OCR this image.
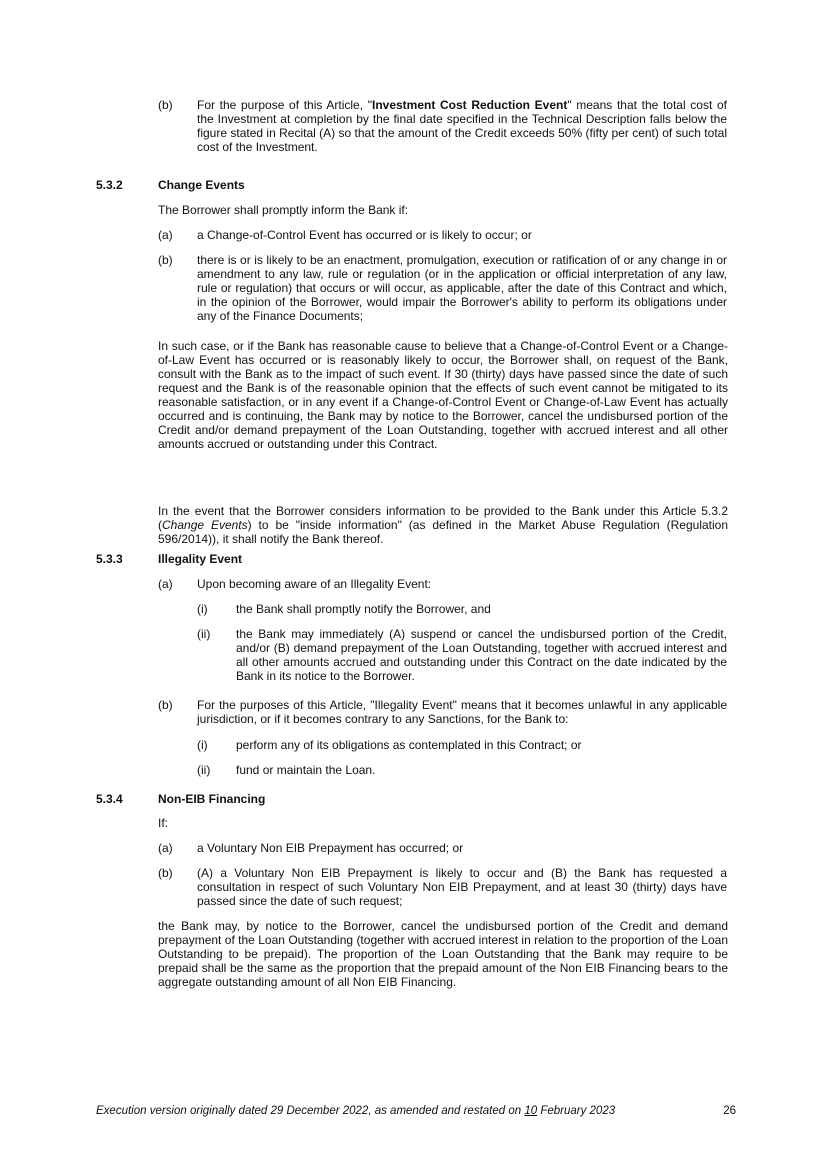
(b) For the purpose of this Article, "Investment Cost Reduction Event" means that the total cost of the Investment at completion by the final date specified in the Technical Description falls below the figure stated in Recital (A) so that the amount of the Credit exceeds 50% (fifty per cent) of such total cost of the Investment.
5.3.2	Change Events
The Borrower shall promptly inform the Bank if:
(a) a Change-of-Control Event has occurred or is likely to occur; or
(b) there is or is likely to be an enactment, promulgation, execution or ratification of or any change in or amendment to any law, rule or regulation (or in the application or official interpretation of any law, rule or regulation) that occurs or will occur, as applicable, after the date of this Contract and which, in the opinion of the Borrower, would impair the Borrower's ability to perform its obligations under any of the Finance Documents;
In such case, or if the Bank has reasonable cause to believe that a Change-of-Control Event or a Change-of-Law Event has occurred or is reasonably likely to occur, the Borrower shall, on request of the Bank, consult with the Bank as to the impact of such event. If 30 (thirty) days have passed since the date of such request and the Bank is of the reasonable opinion that the effects of such event cannot be mitigated to its reasonable satisfaction, or in any event if a Change-of-Control Event or Change-of-Law Event has actually occurred and is continuing, the Bank may by notice to the Borrower, cancel the undisbursed portion of the Credit and/or demand prepayment of the Loan Outstanding, together with accrued interest and all other amounts accrued or outstanding under this Contract.
In the event that the Borrower considers information to be provided to the Bank under this Article 5.3.2 (Change Events) to be "inside information" (as defined in the Market Abuse Regulation (Regulation 596/2014)), it shall notify the Bank thereof.
5.3.3	Illegality Event
(a) Upon becoming aware of an Illegality Event:
(i) the Bank shall promptly notify the Borrower, and
(ii) the Bank may immediately (A) suspend or cancel the undisbursed portion of the Credit, and/or (B) demand prepayment of the Loan Outstanding, together with accrued interest and all other amounts accrued and outstanding under this Contract on the date indicated by the Bank in its notice to the Borrower.
(b) For the purposes of this Article, "Illegality Event" means that it becomes unlawful in any applicable jurisdiction, or if it becomes contrary to any Sanctions, for the Bank to:
(i) perform any of its obligations as contemplated in this Contract; or
(ii) fund or maintain the Loan.
5.3.4	Non-EIB Financing
If:
(a) a Voluntary Non EIB Prepayment has occurred; or
(b) (A) a Voluntary Non EIB Prepayment is likely to occur and (B) the Bank has requested a consultation in respect of such Voluntary Non EIB Prepayment, and at least 30 (thirty) days have passed since the date of such request;
the Bank may, by notice to the Borrower, cancel the undisbursed portion of the Credit and demand prepayment of the Loan Outstanding (together with accrued interest in relation to the proportion of the Loan Outstanding to be prepaid). The proportion of the Loan Outstanding that the Bank may require to be prepaid shall be the same as the proportion that the prepaid amount of the Non EIB Financing bears to the aggregate outstanding amount of all Non EIB Financing.
Execution version originally dated 29 December 2022, as amended and restated on 10 February 2023	26
